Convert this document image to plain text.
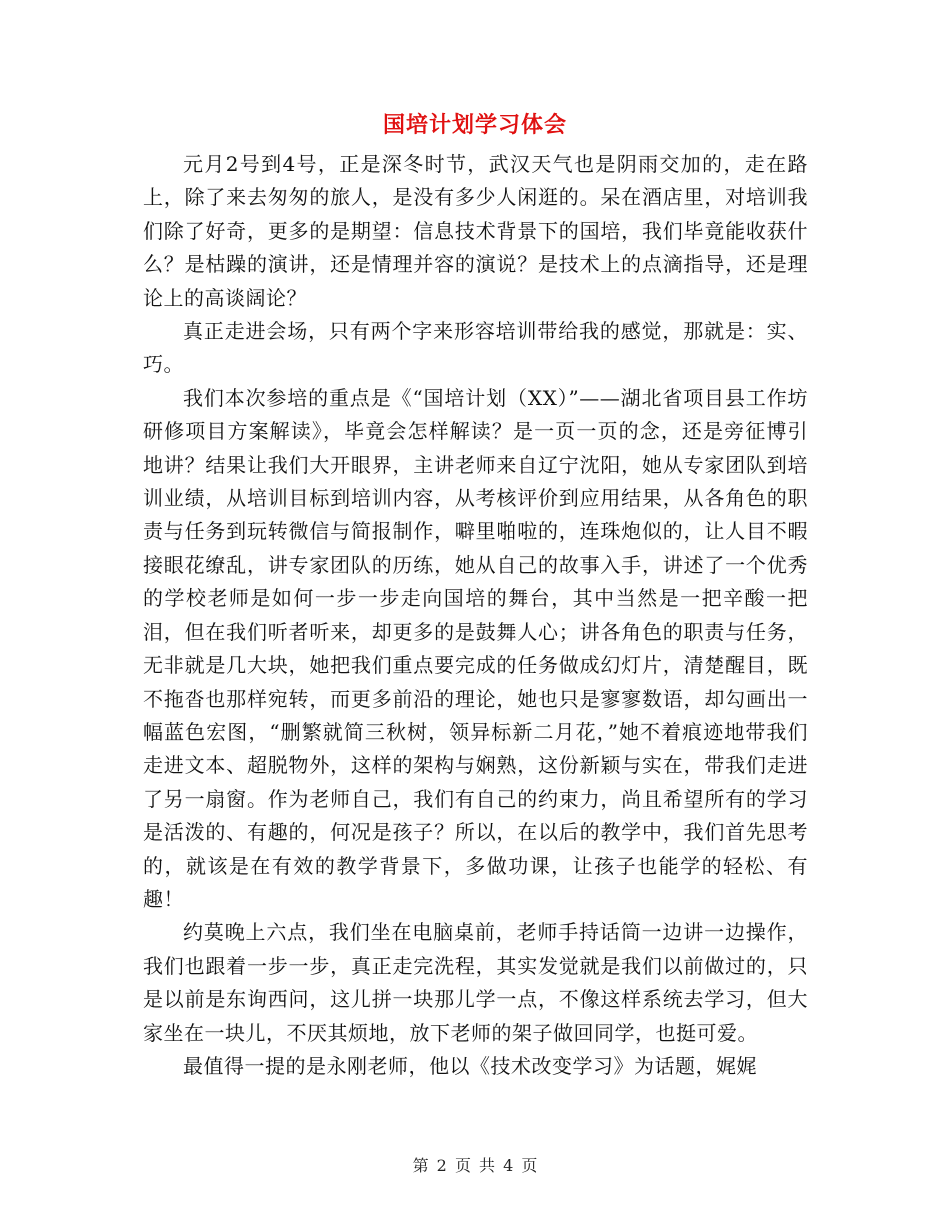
国培计划学习体会

元月2号到4号，正是深冬时节，武汉天气也是阴雨交加的，走在路上，除了来去匆匆的旅人，是没有多少人闲逛的。呆在酒店里，对培训我们除了好奇，更多的是期望：信息技术背景下的国培，我们毕竟能收获什么？是枯躁的演讲，还是情理并容的演说？是技术上的点滴指导，还是理论上的高谈阔论？

真正走进会场，只有两个字来形容培训带给我的感觉，那就是：实、巧。

我们本次参培的重点是《“国培计划（XX）”——湖北省项目县工作坊研修项目方案解读》，毕竟会怎样解读？是一页一页的念，还是旁征博引地讲？结果让我们大开眼界，主讲老师来自辽宁沈阳，她从专家团队到培训业绩，从培训目标到培训内容，从考核评价到应用结果，从各角色的职责与任务到玩转微信与简报制作，噼里啪啦的，连珠炮似的，让人目不暇接眼花缭乱，讲专家团队的历练，她从自己的故事入手，讲述了一个优秀的学校老师是如何一步一步走向国培的舞台，其中当然是一把辛酸一把泪，但在我们听者听来，却更多的是鼓舞人心；讲各角色的职责与任务，无非就是几大块，她把我们重点要完成的任务做成幻灯片，清楚醒目，既不拖沓也那样宛转，而更多前沿的理论，她也只是寥寥数语，却勾画出一幅蓝色宏图，“删繁就简三秋树，领异标新二月花，”她不着痕迹地带我们走进文本、超脱物外，这样的架构与娴熟，这份新颖与实在，带我们走进了另一扇窗。作为老师自己，我们有自己的约束力，尚且希望所有的学习是活泼的、有趣的，何况是孩子？所以，在以后的教学中，我们首先思考的，就该是在有效的教学背景下，多做功课，让孩子也能学的轻松、有趣！

约莫晚上六点，我们坐在电脑桌前，老师手持话筒一边讲一边操作，我们也跟着一步一步，真正走完洗程，其实发觉就是我们以前做过的，只是以前是东询西问，这儿拼一块那儿学一点，不像这样系统去学习，但大家坐在一块儿，不厌其烦地，放下老师的架子做回同学，也挺可爱。

最值得一提的是永刚老师，他以《技术改变学习》为话题，娓娓

第 2 页 共 4 页
